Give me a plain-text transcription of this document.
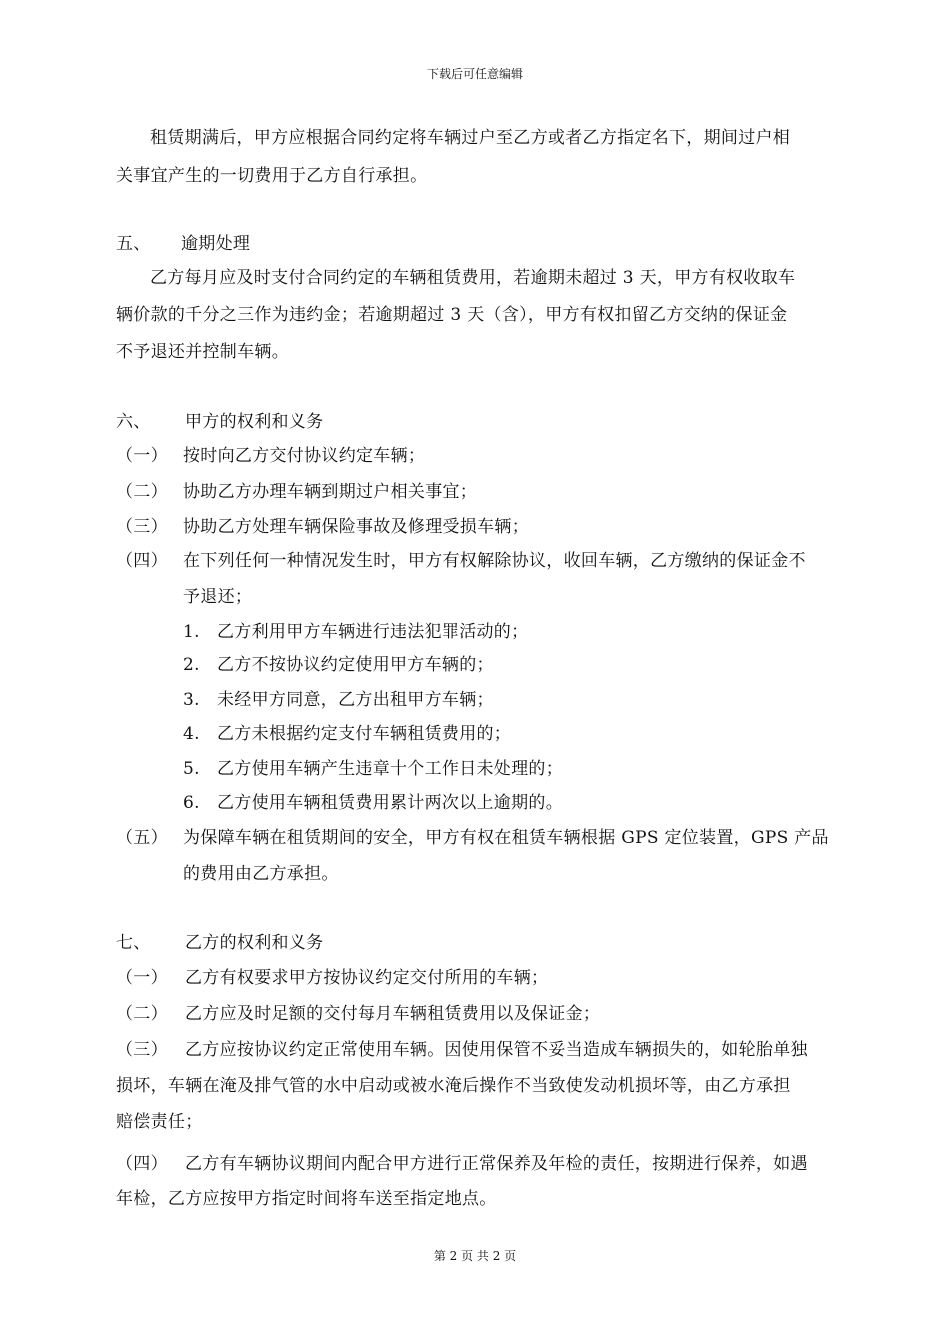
下载后可任意编辑
租赁期满后，甲方应根据合同约定将车辆过户至乙方或者乙方指定名下，期间过户相
关事宜产生的一切费用于乙方自行承担。
五、 逾期处理
乙方每月应及时支付合同约定的车辆租赁费用，若逾期未超过 3 天，甲方有权收取车
辆价款的千分之三作为违约金；若逾期超过 3 天（含），甲方有权扣留乙方交纳的保证金
不予退还并控制车辆。
六、 甲方的权利和义务
（一） 按时向乙方交付协议约定车辆；
（二） 协助乙方办理车辆到期过户相关事宜；
（三） 协助乙方处理车辆保险事故及修理受损车辆；
（四） 在下列任何一种情况发生时，甲方有权解除协议，收回车辆，乙方缴纳的保证金不
予退还；
1. 乙方利用甲方车辆进行违法犯罪活动的；
2. 乙方不按协议约定使用甲方车辆的；
3. 未经甲方同意，乙方出租甲方车辆；
4. 乙方未根据约定支付车辆租赁费用的；
5. 乙方使用车辆产生违章十个工作日未处理的；
6. 乙方使用车辆租赁费用累计两次以上逾期的。
（五） 为保障车辆在租赁期间的安全，甲方有权在租赁车辆根据 GPS 定位装置，GPS 产品
的费用由乙方承担。
七、 乙方的权利和义务
（一） 乙方有权要求甲方按协议约定交付所用的车辆；
（二） 乙方应及时足额的交付每月车辆租赁费用以及保证金；
（三） 乙方应按协议约定正常使用车辆。因使用保管不妥当造成车辆损失的，如轮胎单独
损坏，车辆在淹及排气管的水中启动或被水淹后操作不当致使发动机损坏等，由乙方承担
赔偿责任；
（四） 乙方有车辆协议期间内配合甲方进行正常保养及年检的责任，按期进行保养，如遇
年检，乙方应按甲方指定时间将车送至指定地点。
第 2 页 共 2 页
